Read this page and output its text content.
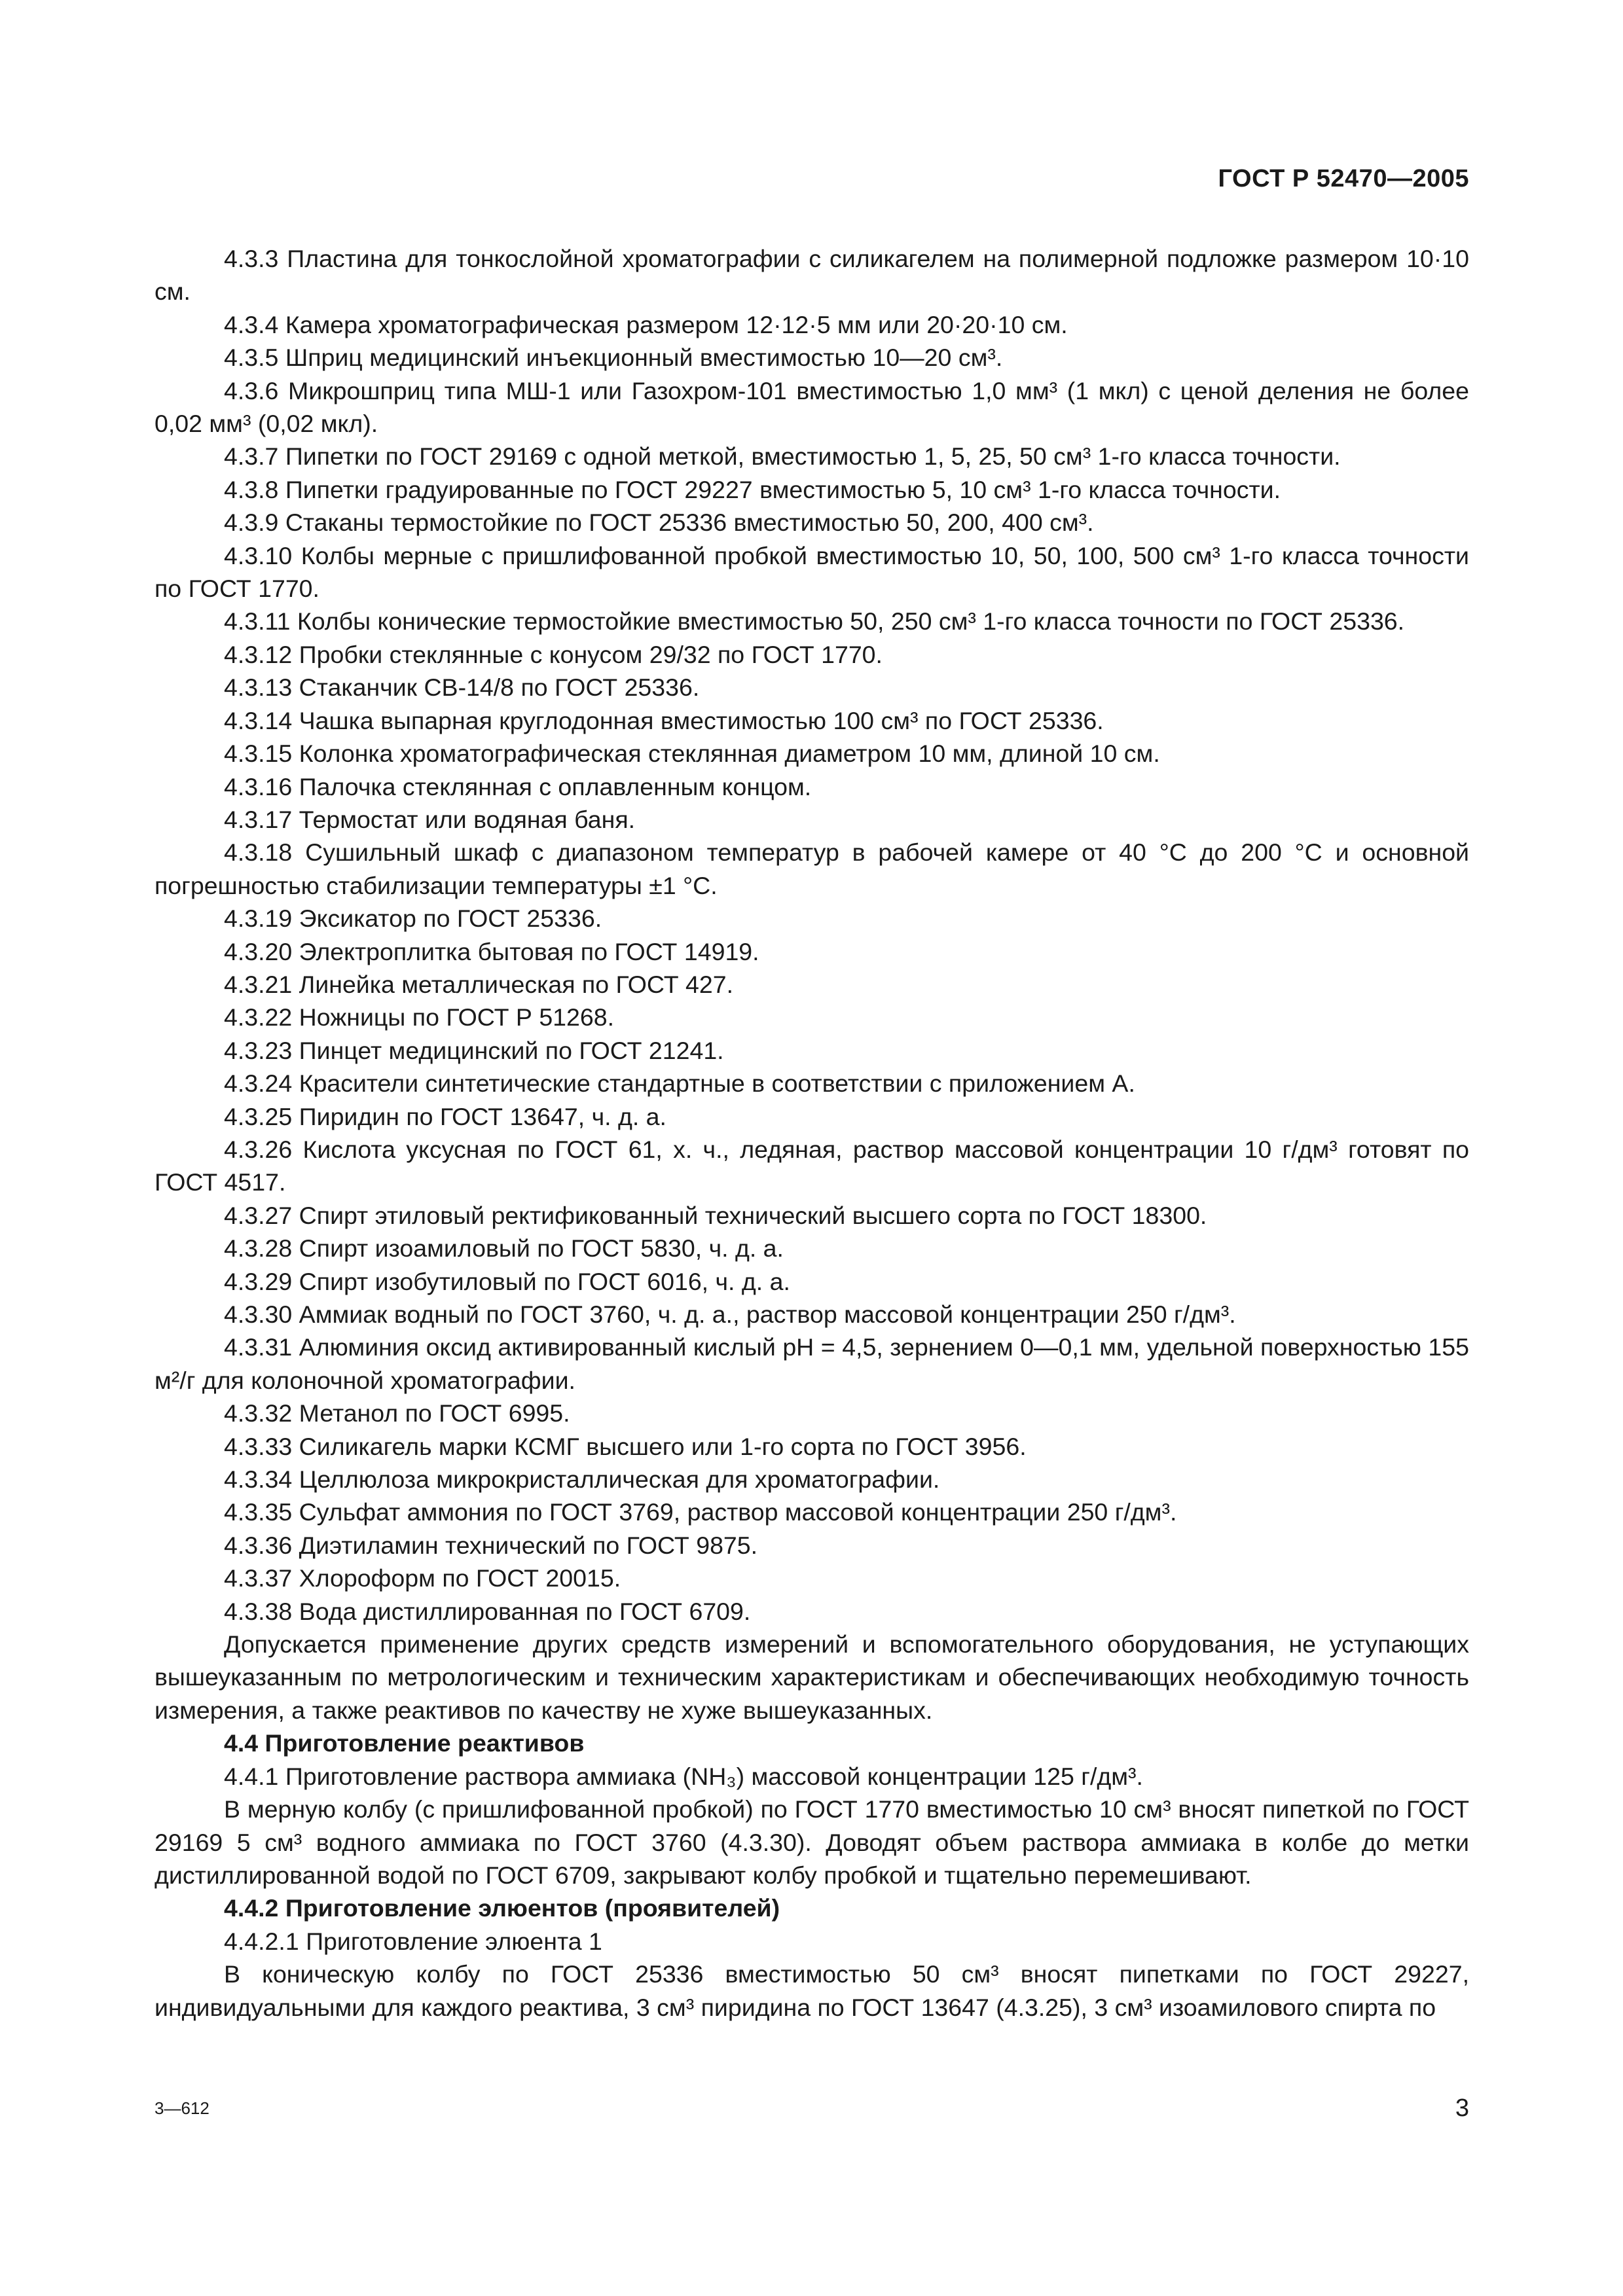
ГОСТ Р 52470—2005

4.3.3 Пластина для тонкослойной хроматографии с силикагелем на полимерной подложке размером 10·10 см.

4.3.4 Камера хроматографическая размером 12·12·5 мм или 20·20·10 см.

4.3.5 Шприц медицинский инъекционный вместимостью 10—20 см³.

4.3.6 Микрошприц типа МШ-1 или Газохром-101 вместимостью 1,0 мм³ (1 мкл) с ценой деления не более 0,02 мм³ (0,02 мкл).

4.3.7 Пипетки по ГОСТ 29169 с одной меткой, вместимостью 1, 5, 25, 50 см³ 1-го класса точности.

4.3.8 Пипетки градуированные по ГОСТ 29227 вместимостью 5, 10 см³ 1-го класса точности.

4.3.9 Стаканы термостойкие по ГОСТ 25336 вместимостью 50, 200, 400 см³.

4.3.10 Колбы мерные с пришлифованной пробкой вместимостью 10, 50, 100, 500 см³ 1-го класса точности по ГОСТ 1770.

4.3.11 Колбы конические термостойкие вместимостью 50, 250 см³ 1-го класса точности по ГОСТ 25336.

4.3.12 Пробки стеклянные с конусом 29/32 по ГОСТ 1770.

4.3.13 Стаканчик СВ-14/8 по ГОСТ 25336.

4.3.14 Чашка выпарная круглодонная вместимостью 100 см³ по ГОСТ 25336.

4.3.15 Колонка хроматографическая стеклянная диаметром 10 мм, длиной 10 см.

4.3.16 Палочка стеклянная с оплавленным концом.

4.3.17 Термостат или водяная баня.

4.3.18 Сушильный шкаф с диапазоном температур в рабочей камере от 40 °С до 200 °С и основной погрешностью стабилизации температуры ±1 °С.

4.3.19 Эксикатор по ГОСТ 25336.

4.3.20 Электроплитка бытовая по ГОСТ 14919.

4.3.21 Линейка металлическая по ГОСТ 427.

4.3.22 Ножницы по ГОСТ Р 51268.

4.3.23 Пинцет медицинский по ГОСТ 21241.

4.3.24 Красители синтетические стандартные в соответствии с приложением А.

4.3.25 Пиридин по ГОСТ 13647, ч. д. а.

4.3.26 Кислота уксусная по ГОСТ 61, х. ч., ледяная, раствор массовой концентрации 10 г/дм³ готовят по ГОСТ 4517.

4.3.27 Спирт этиловый ректификованный технический высшего сорта по ГОСТ 18300.

4.3.28 Спирт изоамиловый по ГОСТ 5830, ч. д. а.

4.3.29 Спирт изобутиловый по ГОСТ 6016, ч. д. а.

4.3.30 Аммиак водный по ГОСТ 3760, ч. д. а., раствор массовой концентрации 250 г/дм³.

4.3.31 Алюминия оксид активированный кислый рН = 4,5, зернением 0—0,1 мм, удельной поверхностью 155 м²/г для колоночной хроматографии.

4.3.32 Метанол по ГОСТ 6995.

4.3.33 Силикагель марки КСМГ высшего или 1-го сорта по ГОСТ 3956.

4.3.34 Целлюлоза микрокристаллическая для хроматографии.

4.3.35 Сульфат аммония по ГОСТ 3769, раствор массовой концентрации 250 г/дм³.

4.3.36 Диэтиламин технический по ГОСТ 9875.

4.3.37 Хлороформ по ГОСТ 20015.

4.3.38 Вода дистиллированная по ГОСТ 6709.

Допускается применение других средств измерений и вспомогательного оборудования, не уступающих вышеуказанным по метрологическим и техническим характеристикам и обеспечивающих необходимую точность измерения, а также реактивов по качеству не хуже вышеуказанных.

4.4 Приготовление реактивов

4.4.1 Приготовление раствора аммиака (NH₃) массовой концентрации 125 г/дм³.

В мерную колбу (с пришлифованной пробкой) по ГОСТ 1770 вместимостью 10 см³ вносят пипеткой по ГОСТ 29169 5 см³ водного аммиака по ГОСТ 3760 (4.3.30). Доводят объем раствора аммиака в колбе до метки дистиллированной водой по ГОСТ 6709, закрывают колбу пробкой и тщательно перемешивают.

4.4.2 Приготовление элюентов (проявителей)

4.4.2.1 Приготовление элюента 1

В коническую колбу по ГОСТ 25336 вместимостью 50 см³ вносят пипетками по ГОСТ 29227, индивидуальными для каждого реактива, 3 см³ пиридина по ГОСТ 13647 (4.3.25), 3 см³ изоамилового спирта по

3—612	3
